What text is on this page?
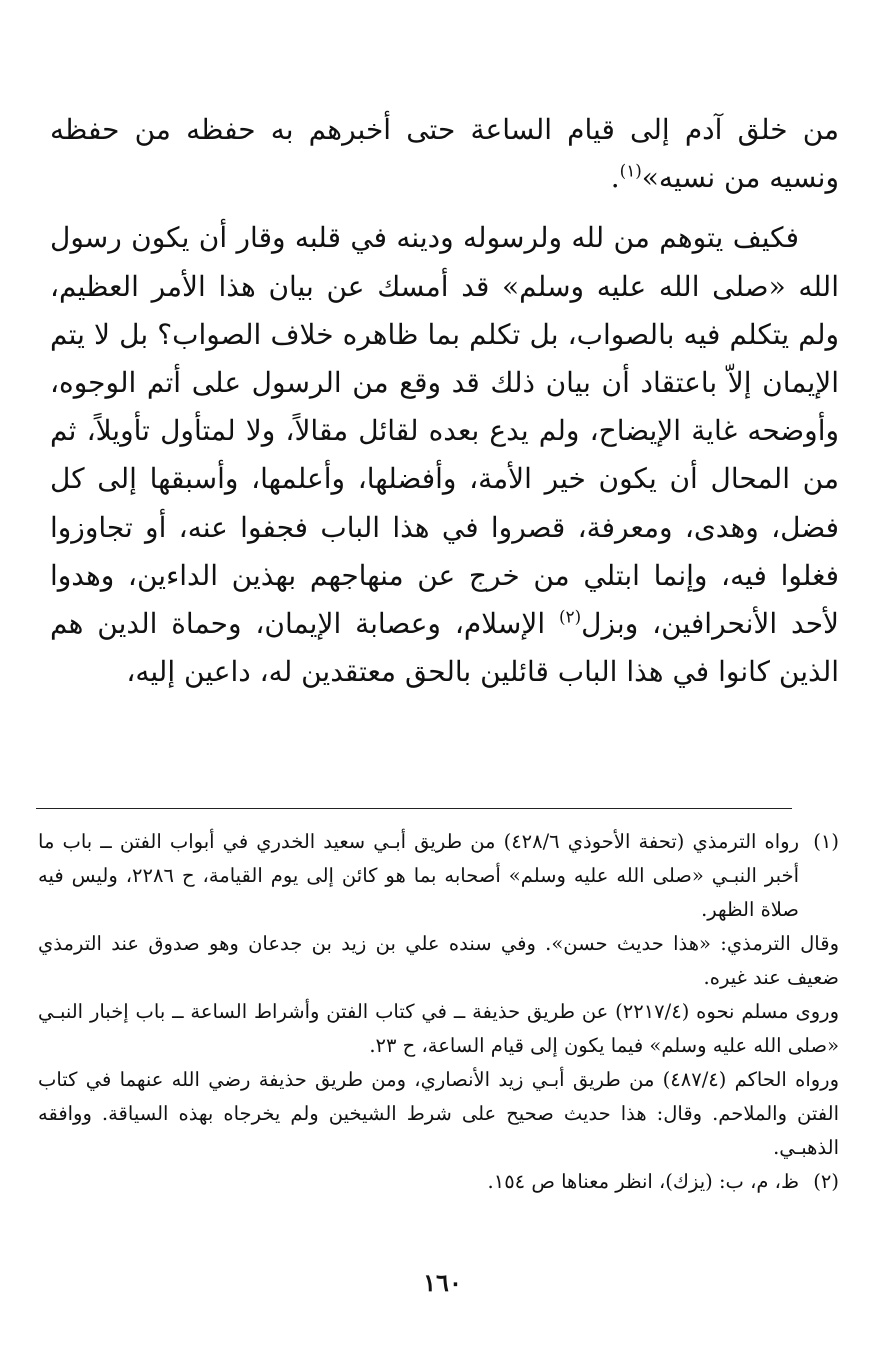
من خلق آدم إلى قيام الساعة حتى أخبرهم به حفظه من حفظه ونسيه من نسيه»$^{(١)}$.

فكيف يتوهم من لله ولرسوله ودينه في قلبه وقار أن يكون رسول الله «صلى الله عليه وسلم» قد أمسك عن بيان هذا الأمر العظيم، ولم يتكلم فيه بالصواب، بل تكلم بما ظاهره خلاف الصواب؟ بل لا يتم الإيمان إلاّ باعتقاد أن بيان ذلك قد وقع من الرسول على أتم الوجوه، وأوضحه غاية الإيضاح، ولم يدع بعده لقائل مقالاً، ولا لمتأول تأويلاً، ثم من المحال أن يكون خير الأمة، وأفضلها، وأعلمها، وأسبقها إلى كل فضل، وهدى، ومعرفة، قصروا في هذا الباب فجفوا عنه، أو تجاوزوا فغلوا فيه، وإنما ابتلي من خرج عن منهاجهم بهذين الداءين، وهدوا لأحد الأنحرافين، وبزل$^{(٢)}$ الإسلام، وعصابة الإيمان، وحماة الدين هم الذين كانوا في هذا الباب قائلين بالحق معتقدين له، داعين إليه،

(١)

رواه الترمذي (تحفة الأحوذي ٤٢٨/٦) من طريق أبـي سعيد الخدري في أبواب الفتن ــ باب ما أخبر النبـي «صلى الله عليه وسلم» أصحابه بما هو كائن إلى يوم القيامة، ح ٢٢٨٦، وليس فيه صلاة الظهر.

وقال الترمذي: «هذا حديث حسن». وفي سنده علي بن زيد بن جدعان وهو صدوق عند الترمذي ضعيف عند غيره.

وروى مسلم نحوه (٢٢١٧/٤) عن طريق حذيفة ــ في كتاب الفتن وأشراط الساعة ــ باب إخبار النبـي «صلى الله عليه وسلم» فيما يكون إلى قيام الساعة، ح ٢٣.

ورواه الحاكم (٤٨٧/٤) من طريق أبـي زيد الأنصاري، ومن طريق حذيفة رضي الله عنهما في كتاب الفتن والملاحم. وقال: هذا حديث صحيح على شرط الشيخين ولم يخرجاه بهذه السياقة. ووافقه الذهبـي.

(٢)

ظ، م، ب: (يزك)، انظر معناها ص ١٥٤.

١٦٠
